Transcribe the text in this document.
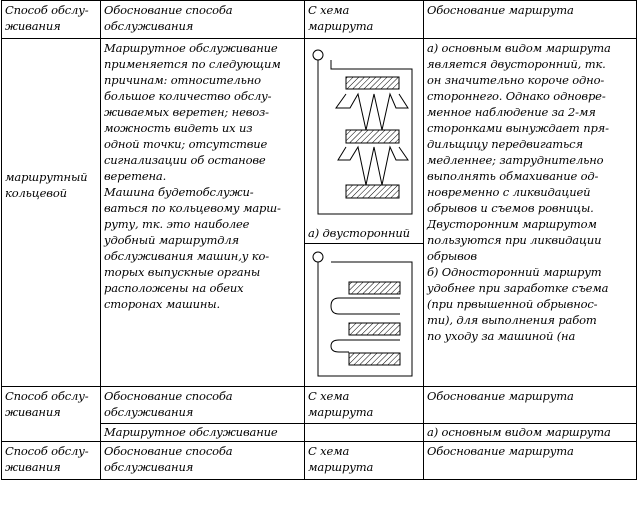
Способ обслу-
живания
Обоснование способа
обслуживания
С хема
маршрута
Обоснование маршрута
маршрутный
кольцевой
Маршрутное обслуживание
применяется по следующим
причинам: относительно
большое количество обслу-
живаемых веретен; невоз-
можность видеть их из
одной точки; отсутствие
сигнализации об останове
веретена.
Машина будетобслужи-
ваться по кольцевому марш-
руту, тк. это наиболее
удобный маршрутдля
обслуживания машин,у ко-
торых выпускные органы
расположены на обеих
сторонах машины.
а) основным видом маршрута
является двусторонний, тк.
он значительно короче одно-
стороннего. Однако одновре-
менное наблюдение за 2-мя
сторонками вынуждает пря-
дильщицу передвигаться
медленнее; затруднительно
выполнять обмахивание од-
новременно с ликвидацией
обрывов и съемов ровницы.
Двусторонним маршрутом
пользуются при ликвидации
обрывов
б) Односторонний маршрут
удобнее при заработке съема
(при првышенной обрывнос-
ти), для выполнения работ
по уходу за машиной (на
а) двусторонний
Способ обслу-
живания
Обоснование способа
обслуживания
С хема
маршрута
Обоснование маршрута
Маршрутное обслуживание	а) основным видом маршрута
Способ обслу-
живания
Обоснование способа
обслуживания
С хема
маршрута
Обоснование маршрута
